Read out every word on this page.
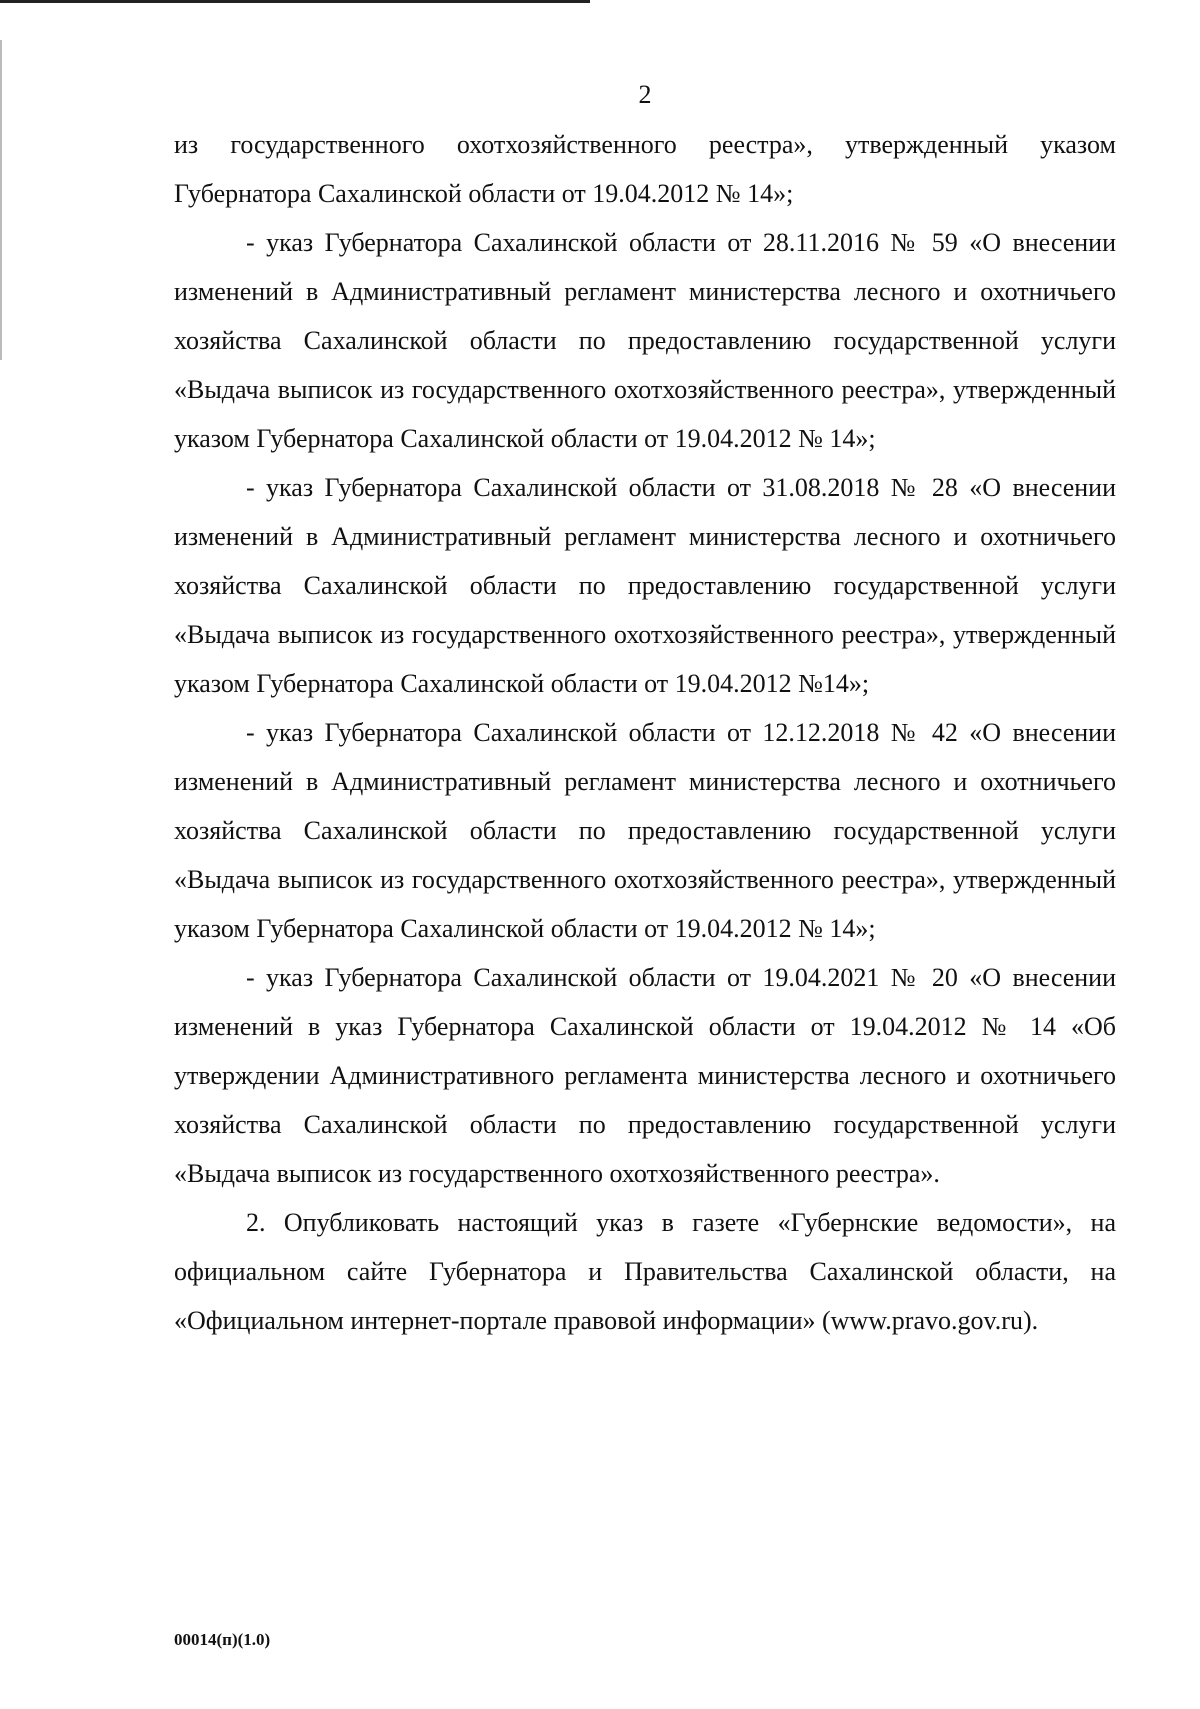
2

из государственного охотхозяйственного реестра», утвержденный указом Губернатора Сахалинской области от 19.04.2012 № 14»;

- указ Губернатора Сахалинской области от 28.11.2016 № 59 «О внесении изменений в Административный регламент министерства лесного и охотничьего хозяйства Сахалинской области по предоставлению государственной услуги «Выдача выписок из государственного охотхозяйственного реестра», утвержденный указом Губернатора Сахалинской области от 19.04.2012 № 14»;

- указ Губернатора Сахалинской области от 31.08.2018 № 28 «О внесении изменений в Административный регламент министерства лесного и охотничьего хозяйства Сахалинской области по предоставлению государственной услуги «Выдача выписок из государственного охотхозяйственного реестра», утвержденный указом Губернатора Сахалинской области от 19.04.2012 №14»;

- указ Губернатора Сахалинской области от 12.12.2018 № 42 «О внесении изменений в Административный регламент министерства лесного и охотничьего хозяйства Сахалинской области по предоставлению государственной услуги «Выдача выписок из государственного охотхозяйственного реестра», утвержденный указом Губернатора Сахалинской области от 19.04.2012 № 14»;

- указ Губернатора Сахалинской области от 19.04.2021 № 20 «О внесении изменений в указ Губернатора Сахалинской области от 19.04.2012 № 14 «Об утверждении Административного регламента министерства лесного и охотничьего хозяйства Сахалинской области по предоставлению государственной услуги «Выдача выписок из государственного охотхозяйственного реестра».

2. Опубликовать настоящий указ в газете «Губернские ведомости», на официальном сайте Губернатора и Правительства Сахалинской области, на «Официальном интернет-портале правовой информации» (www.pravo.gov.ru).

00014(п)(1.0)
